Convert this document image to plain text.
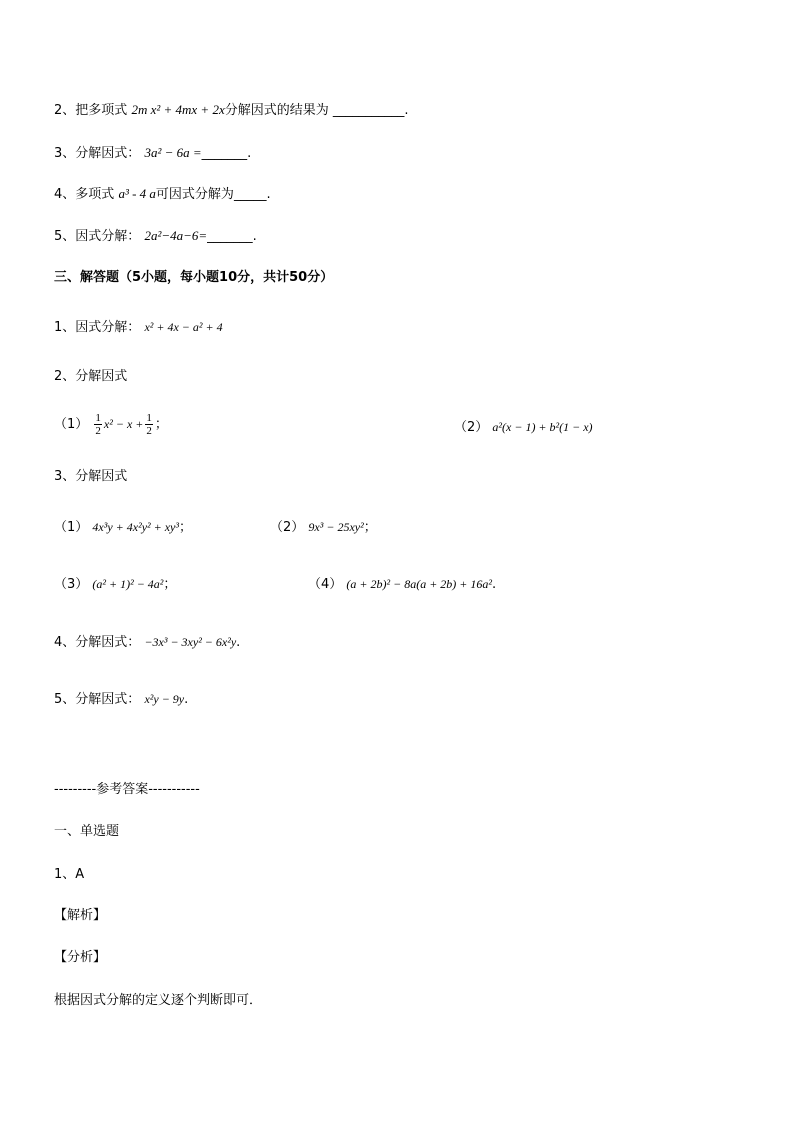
2、把多项式 2m x² + 4mx + 2x分解因式的结果为 ___________.
3、分解因式： 3a² − 6a =_______.
4、多项式 a³ - 4 a可因式分解为_____.
5、因式分解： 2a²−4a−6=_______.
三、解答题（5小题，每小题10分，共计50分）
1、因式分解： x² + 4x − a² + 4
2、分解因式
$(1) \frac{1}{2} x^2 - x + \frac{1}{2}$ ；	（2） a²(x − 1) + b²(1 − x)
3、分解因式
（1） 4x³y + 4x²y² + xy³；	（2） 9x³ − 25xy²；
（3） (a² + 1)² − 4a²；	（4） (a + 2b)² − 8a(a + 2b) + 16a².
4、分解因式： −3x³ − 3xy² − 6x²y.
5、分解因式： x²y − 9y.
---------参考答案-----------
一、单选题
1、A
【解析】
【分析】
根据因式分解的定义逐个判断即可．
